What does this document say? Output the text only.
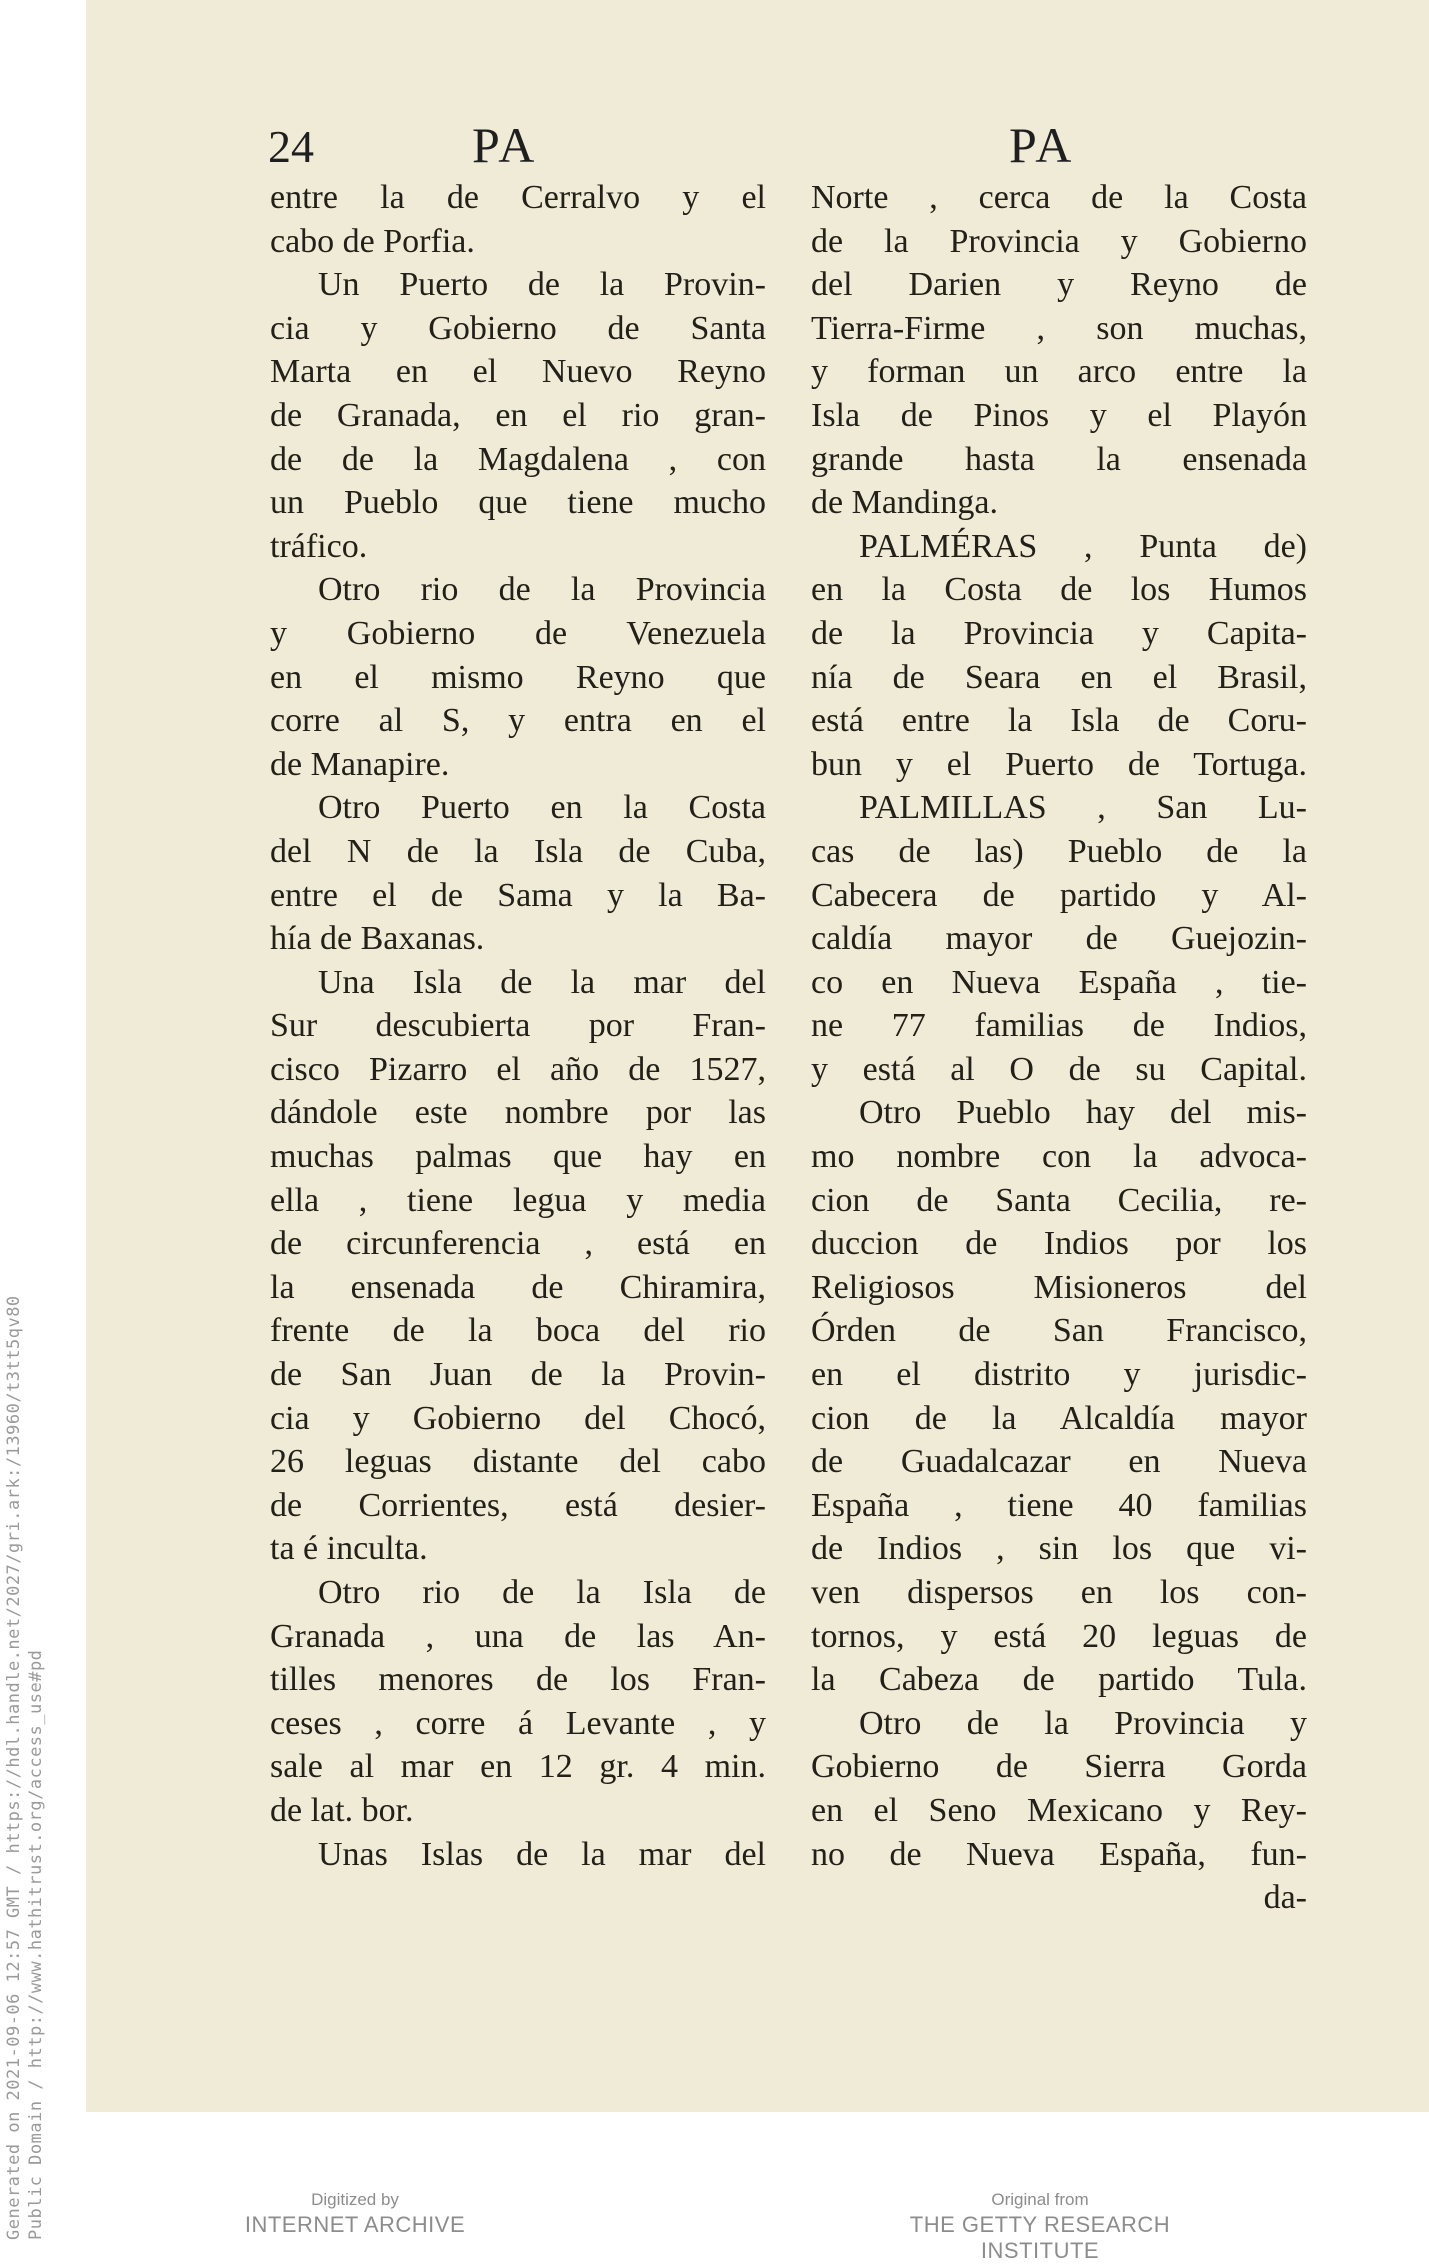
Generated on 2021-09-06 12:57 GMT / https://hdl.handle.net/2027/gri.ark:/13960/t3tt5qv80 Public Domain / http://www.hathitrust.org/access_use#pd
24	PA	PA
entre la de Cerralvo y el
cabo de Porfia.
Un Puerto de la Provin-
cia y Gobierno de Santa
Marta en el Nuevo Reyno
de Granada, en el rio gran-
de de la Magdalena , con
un Pueblo que tiene mucho
tráfico.
Otro rio de la Provincia
y Gobierno de Venezuela
en el mismo Reyno que
corre al S, y entra en el
de Manapire.
Otro Puerto en la Costa
del N de la Isla de Cuba,
entre el de Sama y la Ba-
hía de Baxanas.
Una Isla de la mar del
Sur descubierta por Fran-
cisco Pizarro el año de 1527,
dándole este nombre por las
muchas palmas que hay en
ella , tiene legua y media
de circunferencia , está en
la ensenada de Chiramira,
frente de la boca del rio
de San Juan de la Provin-
cia y Gobierno del Chocó,
26 leguas distante del cabo
de Corrientes, está desier-
ta é inculta.
Otro rio de la Isla de
Granada , una de las An-
tilles menores de los Fran-
ceses , corre á Levante , y
sale al mar en 12 gr. 4 min.
de lat. bor.
Unas Islas de la mar del
Norte , cerca de la Costa
de la Provincia y Gobierno
del Darien y Reyno de
Tierra-Firme , son muchas,
y forman un arco entre la
Isla de Pinos y el Playón
grande hasta la ensenada
de Mandinga.
PALMÉRAS , Punta de)
en la Costa de los Humos
de la Provincia y Capita-
nía de Seara en el Brasil,
está entre la Isla de Coru-
bun y el Puerto de Tortuga.
PALMILLAS , San Lu-
cas de las) Pueblo de la
Cabecera de partido y Al-
caldía mayor de Guejozin-
co en Nueva España , tie-
ne 77 familias de Indios,
y está al O de su Capital.
Otro Pueblo hay del mis-
mo nombre con la advoca-
cion de Santa Cecilia, re-
duccion de Indios por los
Religiosos Misioneros del
Órden de San Francisco,
en el distrito y jurisdic-
cion de la Alcaldía mayor
de Guadalcazar en Nueva
España , tiene 40 familias
de Indios , sin los que vi-
ven dispersos en los con-
tornos, y está 20 leguas de
la Cabeza de partido Tula.
Otro de la Provincia y
Gobierno de Sierra Gorda
en el Seno Mexicano y Rey-
no de Nueva España, fun-
da-
Digitized by
INTERNET ARCHIVE
Original from
THE GETTY RESEARCH INSTITUTE
